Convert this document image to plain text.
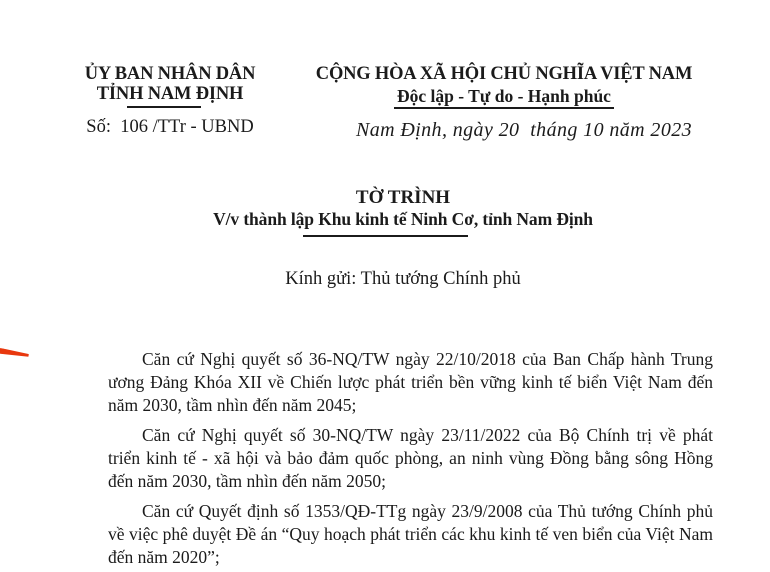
ỦY BAN NHÂN DÂN
TỈNH NAM ĐỊNH
Số:  106 /TTr - UBND
CỘNG HÒA XÃ HỘI CHỦ NGHĨA VIỆT NAM
Độc lập - Tự do - Hạnh phúc
Nam Định, ngày 20  tháng 10 năm 2023
TỜ TRÌNH
V/v thành lập Khu kinh tế Ninh Cơ, tỉnh Nam Định
Kính gửi: Thủ tướng Chính phủ

Căn cứ Nghị quyết số 36-NQ/TW ngày 22/10/2018 của Ban Chấp hành Trung ương Đảng Khóa XII về Chiến lược phát triển bền vững kinh tế biển Việt Nam đến năm 2030, tầm nhìn đến năm 2045;

Căn cứ Nghị quyết số 30-NQ/TW ngày 23/11/2022 của Bộ Chính trị về phát triển kinh tế - xã hội và bảo đảm quốc phòng, an ninh vùng Đồng bằng sông Hồng đến năm 2030, tầm nhìn đến năm 2050;

Căn cứ Quyết định số 1353/QĐ-TTg ngày 23/9/2008 của Thủ tướng Chính phủ về việc phê duyệt Đề án “Quy hoạch phát triển các khu kinh tế ven biển của Việt Nam đến năm 2020”;
